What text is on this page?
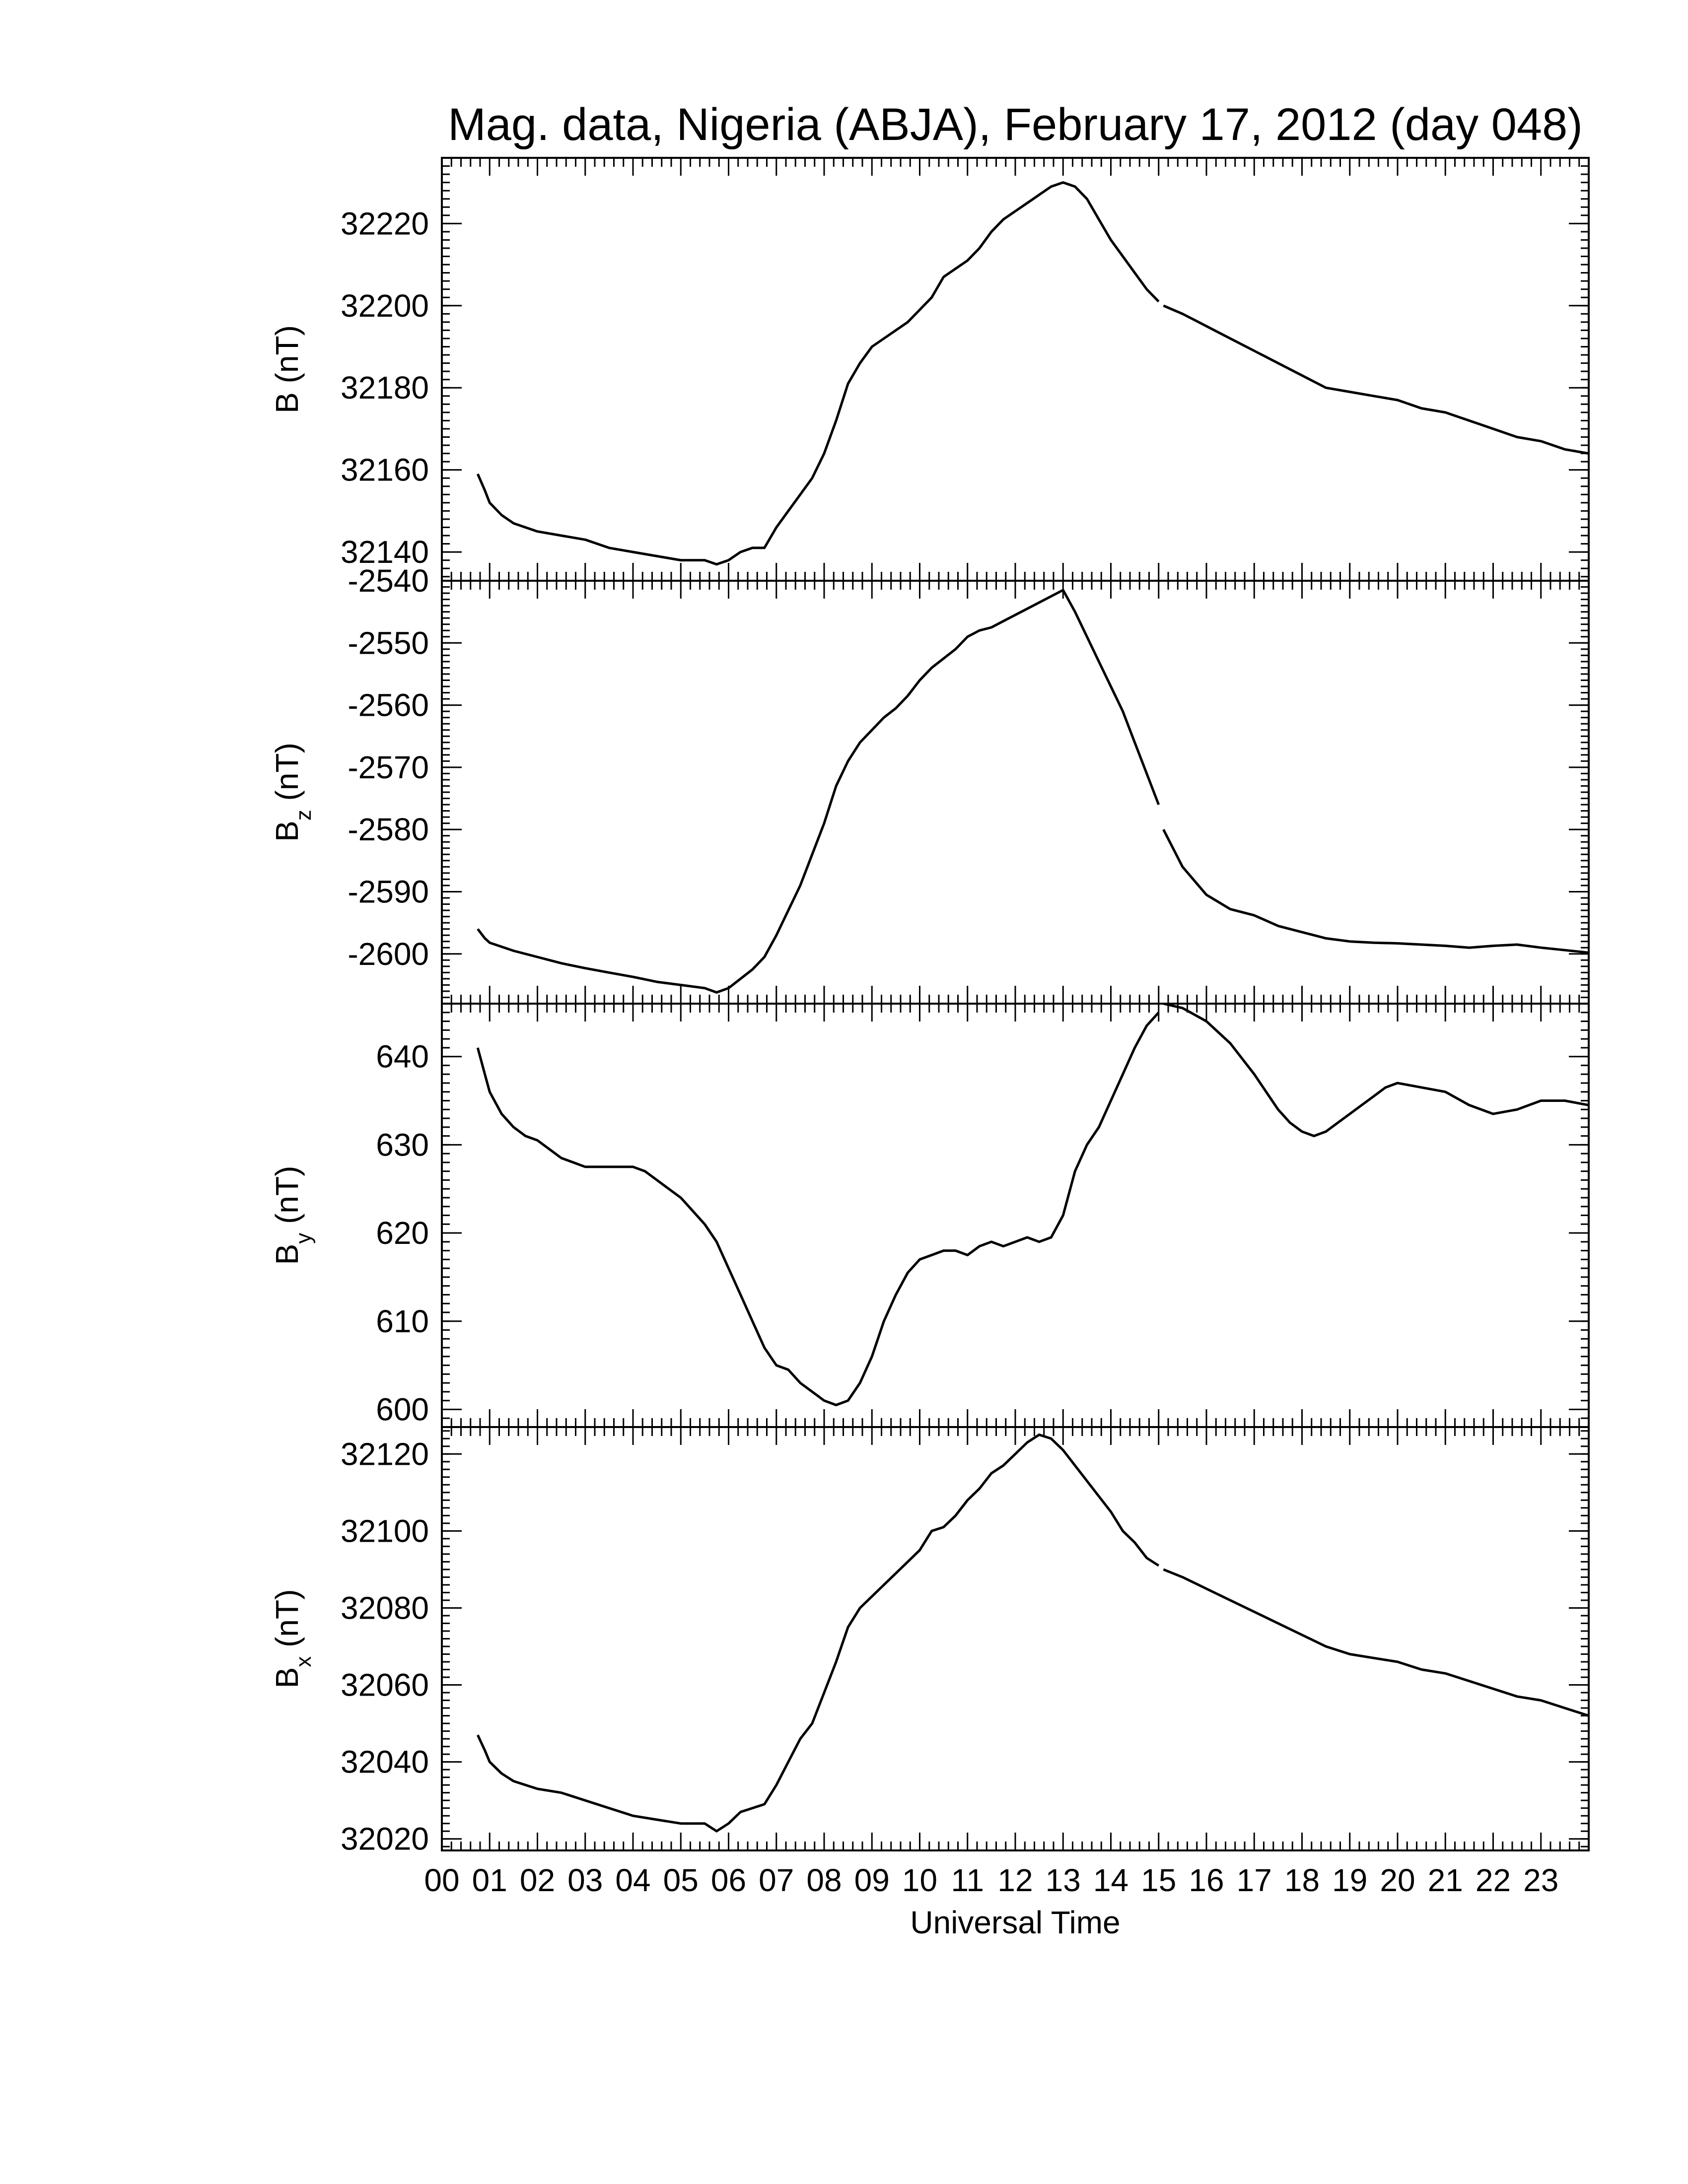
Mag. data, Nigeria (ABJA), February 17, 2012 (day 048)
32140
32160
32180
32200
32220
B (nT)
-2600
-2590
-2580
-2570
-2560
-2550
-2540
$B_z$ (nT)
600
610
620
630
640
$B_y$ (nT)
32020
32040
32060
32080
32100
32120
$B_x$ (nT)
00 01 02 03 04 05 06 07 08 09 10 11 12 13 14 15 16 17 18 19 20 21 22 23
Universal Time
